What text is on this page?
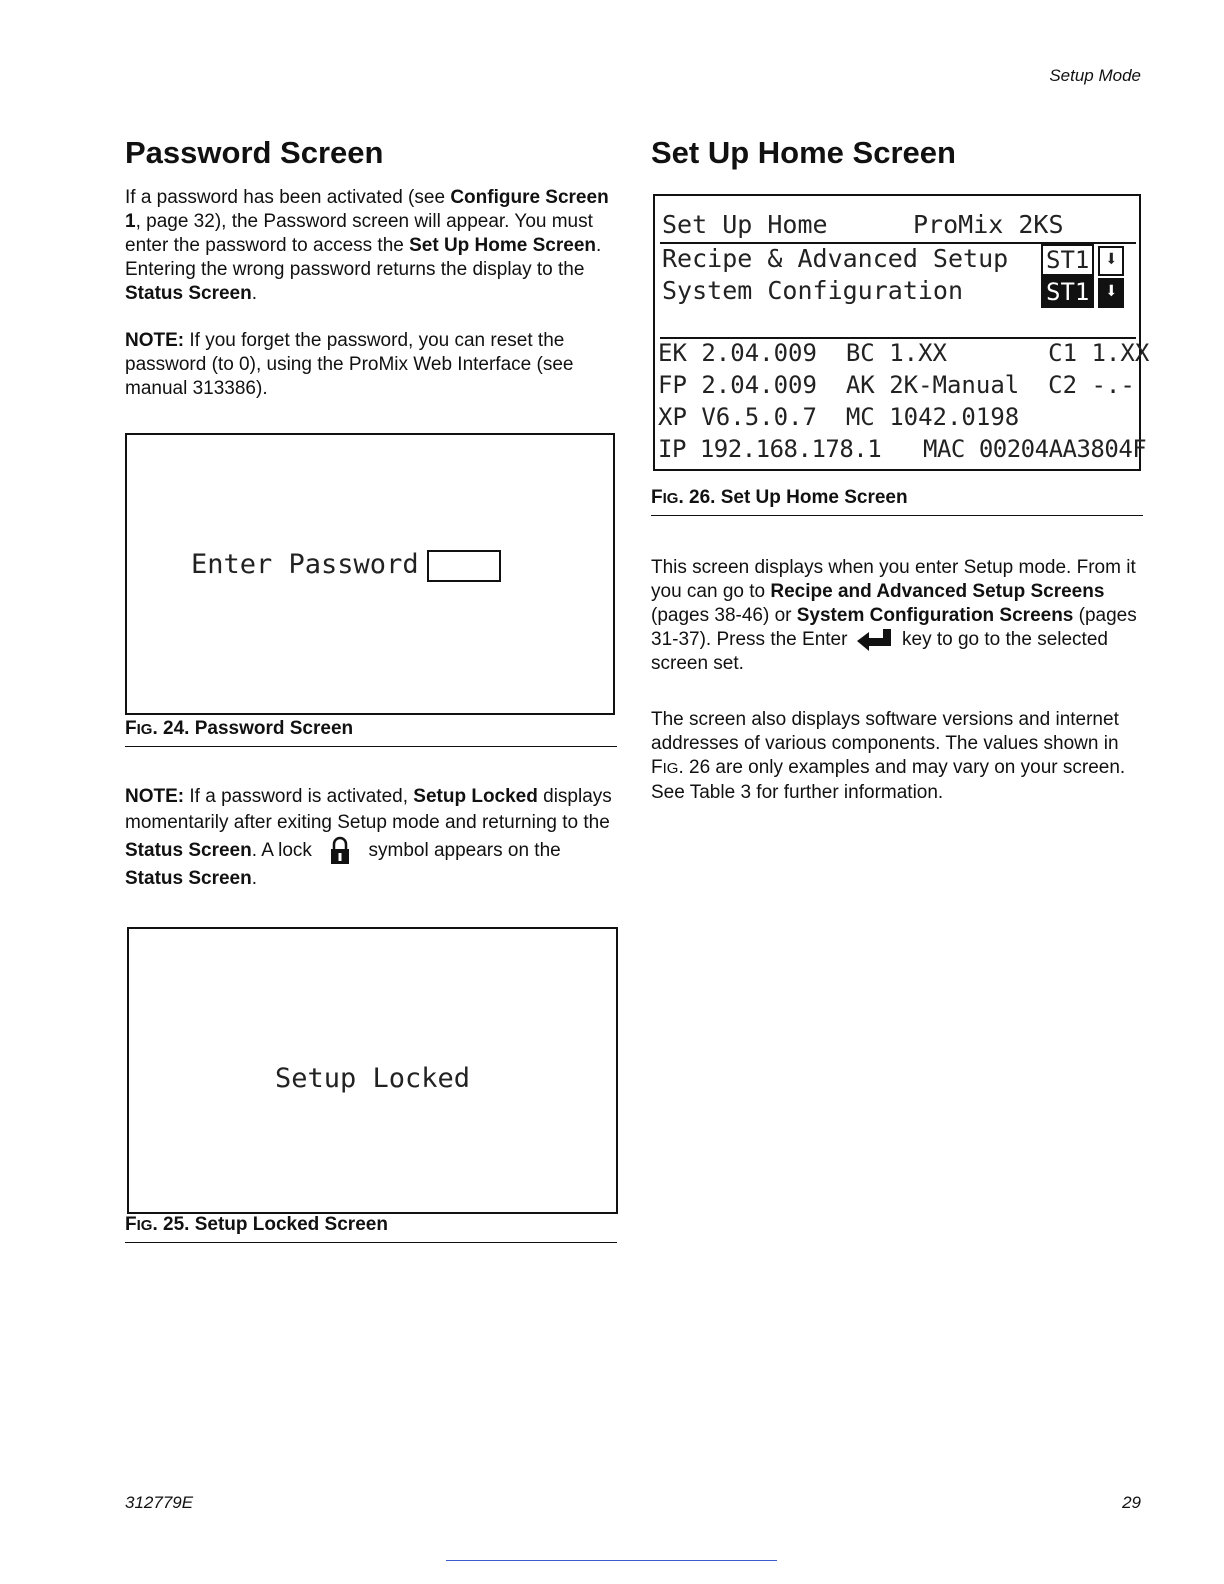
Setup Mode
Password Screen

If a password has been activated (see Configure Screen 1, page 32), the Password screen will appear. You must enter the password to access the Set Up Home Screen. Entering the wrong password returns the display to the Status Screen.

NOTE: If you forget the password, you can reset the password (to 0), using the ProMix Web Interface (see manual 313386).

Enter Password
FIG. 24. Password Screen

NOTE: If a password is activated, Setup Locked displays momentarily after exiting Setup mode and returning to the Status Screen. A lock	symbol appears on the Status Screen.

Setup Locked
FIG. 25. Setup Locked Screen
Set Up Home Screen
Set Up Home	ProMix 2KS
Recipe & Advanced Setup ST1 ⬇
System Configuration	ST1 ⬇
EK 2.04.009  BC 1.XX       C1 1.XX
FP 2.04.009  AK 2K-Manual  C2 -.-
XP V6.5.0.7  MC 1042.0198
IP 192.168.178.1   MAC 00204AA3804F
FIG. 26. Set Up Home Screen

This screen displays when you enter Setup mode. From it you can go to Recipe and Advanced Setup Screens (pages 38-46) or System Configuration Screens (pages 31-37). Press the Enter	key to go to the selected screen set.

The screen also displays software versions and internet addresses of various components. The values shown in FIG. 26 are only examples and may vary on your screen. See Table 3 for further information.

312779E	29
